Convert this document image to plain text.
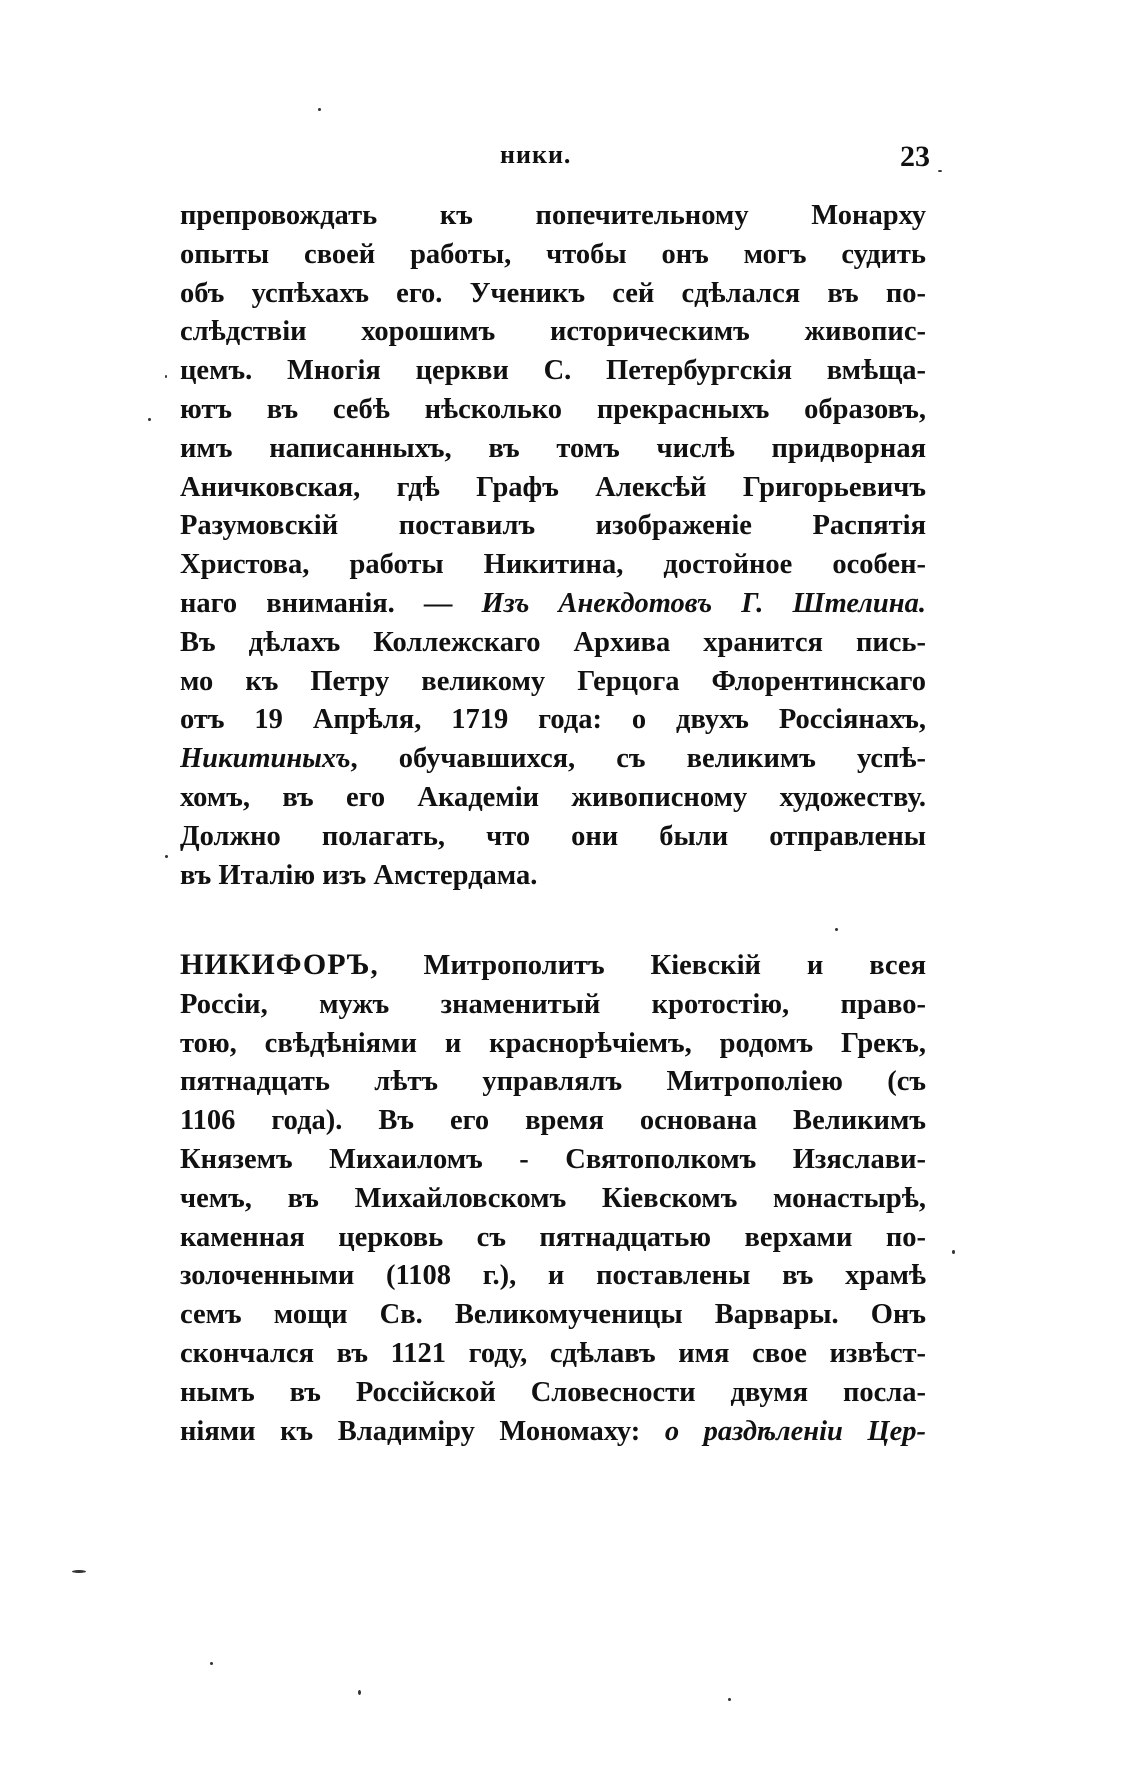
ники.	23
препровождать къ попечительному Монарху
опыты своей работы, чтобы онъ могъ судить
объ успѣхахъ его. Ученикъ сей сдѣлался въ по-
слѣдствіи хорошимъ историческимъ живопис-
цемъ. Многія церкви С. Петербургскія вмѣща-
ютъ въ себѣ нѣсколько прекрасныхъ образовъ,
имъ написанныхъ, въ томъ числѣ придворная
Аничковская, гдѣ Графъ Алексѣй Григорьевичъ
Разумовскій поставилъ изображеніе Распятія
Христова, работы Никитина, достойное особен-
наго вниманія. — Изъ Анекдотовъ Г. Штелина.
Въ дѣлахъ Коллежскаго Архива хранится пись-
мо къ Петру великому Герцога Флорентинскаго
отъ 19 Апрѣля, 1719 года: о двухъ Россіянахъ,
Никитиныхъ, обучавшихся, съ великимъ успѣ-
хомъ, въ его Академіи живописному художеству.
Должно полагать, что они были отправлены
въ Италію изъ Амстердама.
НИКИФОРЪ, Митрополитъ Кіевскій и всея
Россіи, мужъ знаменитый кротостію, право-
тою, свѣдѣніями и краснорѣчіемъ, родомъ Грекъ,
пятнадцать лѣтъ управлялъ Митрополіею (съ
1106 года). Въ его время основана Великимъ
Княземъ Михаиломъ - Святополкомъ Изяслави-
чемъ, въ Михайловскомъ Кіевскомъ монастырѣ,
каменная церковь съ пятнадцатью верхами по-
золоченными (1108 г.), и поставлены въ храмѣ
семъ мощи Св. Великомученицы Варвары. Онъ
скончался въ 1121 году, сдѣлавъ имя свое извѣст-
нымъ въ Россійской Словесности двумя посла-
ніями къ Владиміру Мономаху: о раздѣленіи Цер-
